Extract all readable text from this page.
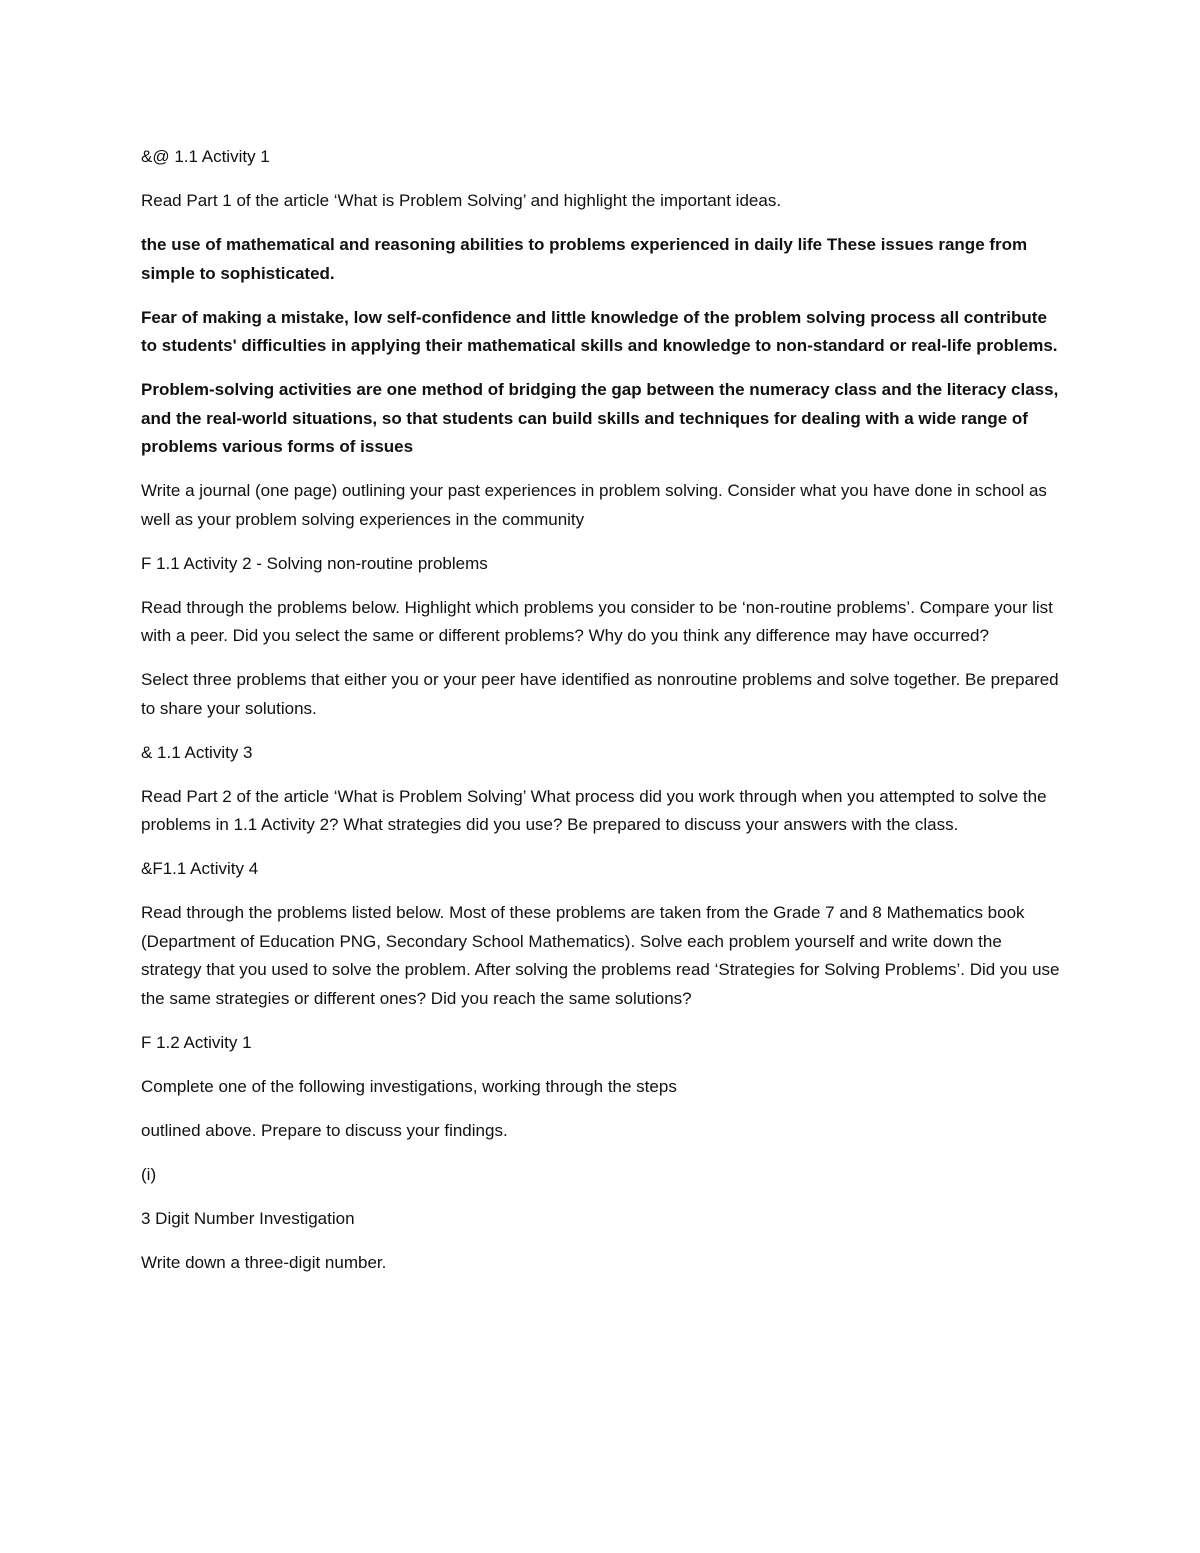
&@ 1.1 Activity 1

Read Part 1 of the article ‘What is Problem Solving’ and highlight the important ideas.

the use of mathematical and reasoning abilities to problems experienced in daily life These issues range from simple to sophisticated.

Fear of making a mistake, low self-confidence and little knowledge of the problem solving process all contribute to students' difficulties in applying their mathematical skills and knowledge to non-standard or real-life problems.

Problem-solving activities are one method of bridging the gap between the numeracy class and the literacy class, and the real-world situations, so that students can build skills and techniques for dealing with a wide range of problems various forms of issues

Write a journal (one page) outlining your past experiences in problem solving. Consider what you have done in school as well as your problem solving experiences in the community

F 1.1 Activity 2 - Solving non-routine problems

Read through the problems below. Highlight which problems you consider to be ‘non-routine problems’. Compare your list with a peer. Did you select the same or different problems? Why do you think any difference may have occurred?

Select three problems that either you or your peer have identified as nonroutine problems and solve together. Be prepared to share your solutions.

& 1.1 Activity 3

Read Part 2 of the article ‘What is Problem Solving’ What process did you work through when you attempted to solve the problems in 1.1 Activity 2? What strategies did you use? Be prepared to discuss your answers with the class.

&F1.1 Activity 4

Read through the problems listed below. Most of these problems are taken from the Grade 7 and 8 Mathematics book (Department of Education PNG, Secondary School Mathematics). Solve each problem yourself and write down the strategy that you used to solve the problem. After solving the problems read ‘Strategies for Solving Problems’. Did you use the same strategies or different ones? Did you reach the same solutions?

F 1.2 Activity 1

Complete one of the following investigations, working through the steps

outlined above. Prepare to discuss your findings.

(i)

3 Digit Number Investigation

Write down a three-digit number.
